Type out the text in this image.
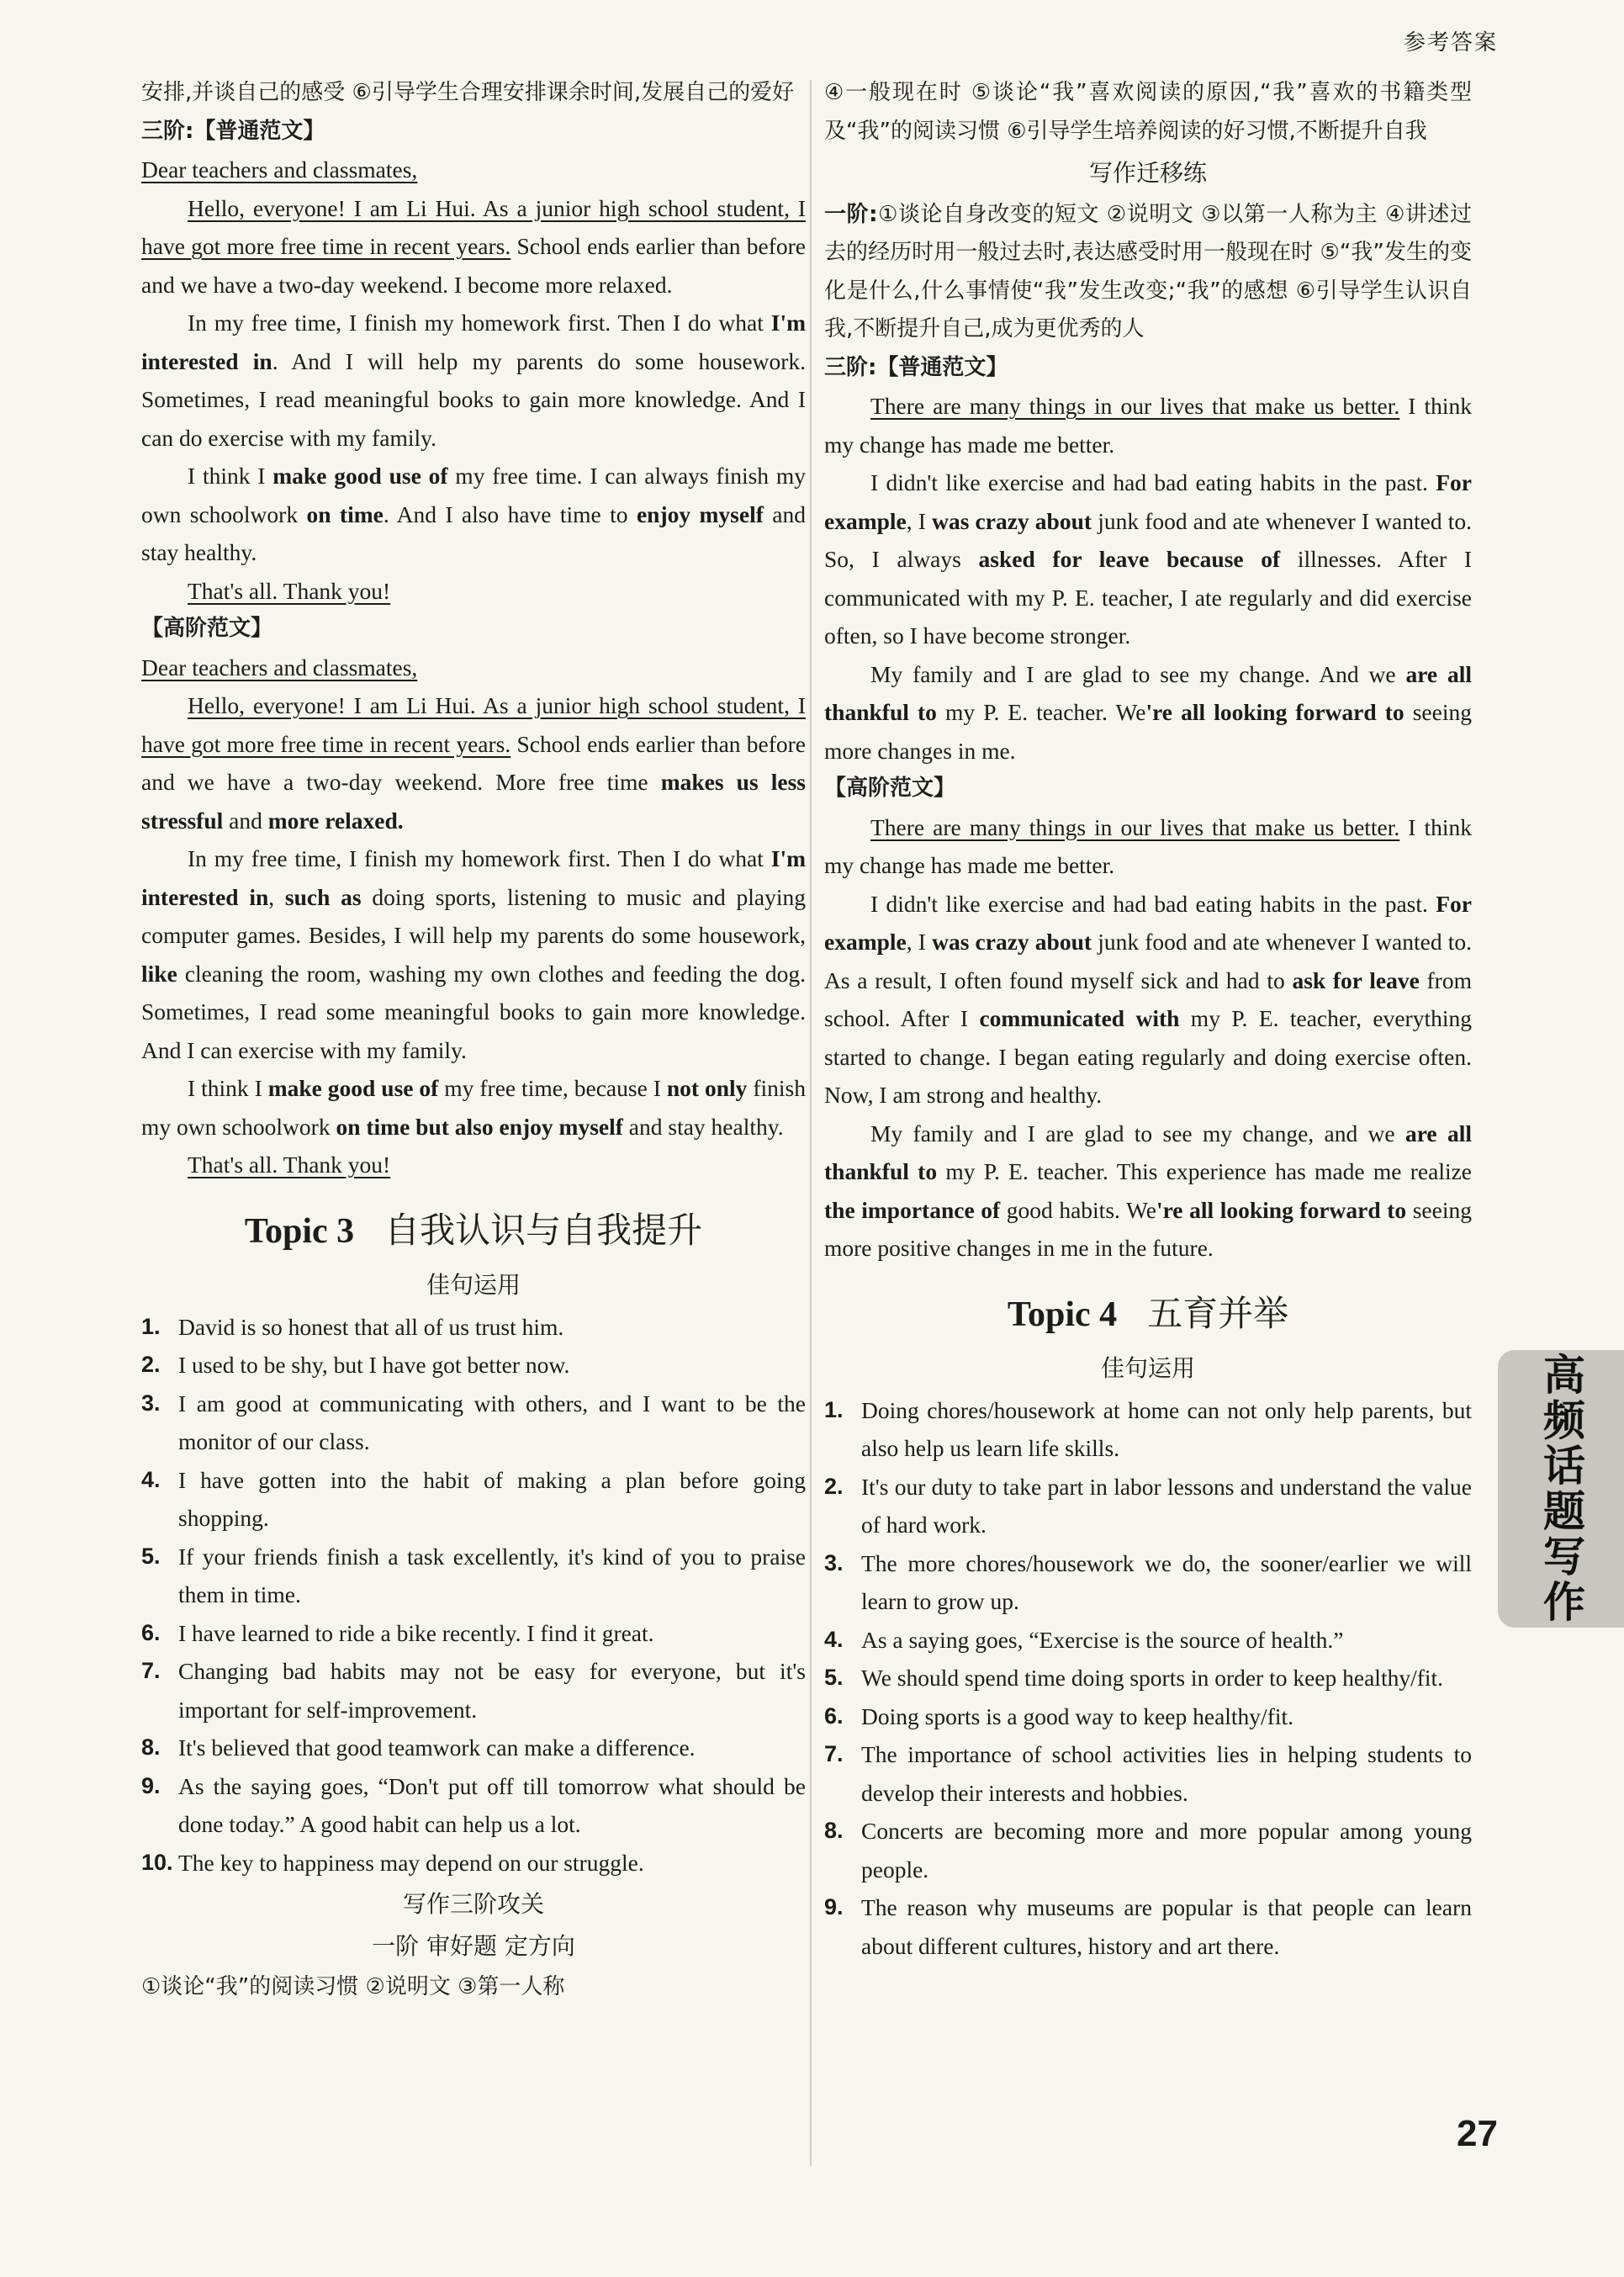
参考答案
高频话题写作
27

安排,并谈自己的感受 ⑥引导学生合理安排课余时间,发展自己的爱好

三阶:【普通范文】

Dear teachers and classmates,

Hello, everyone! I am Li Hui. As a junior high school student, I have got more free time in recent years. School ends earlier than before and we have a two-day weekend. I become more relaxed.

In my free time, I finish my homework first. Then I do what I'm interested in. And I will help my parents do some housework. Sometimes, I read meaningful books to gain more knowledge. And I can do exercise with my family.

I think I make good use of my free time. I can always finish my own schoolwork on time. And I also have time to enjoy myself and stay healthy.

That's all. Thank you!

【高阶范文】

Dear teachers and classmates,

Hello, everyone! I am Li Hui. As a junior high school student, I have got more free time in recent years. School ends earlier than before and we have a two-day weekend. More free time makes us less stressful and more relaxed.

In my free time, I finish my homework first. Then I do what I'm interested in, such as doing sports, listening to music and playing computer games. Besides, I will help my parents do some housework, like cleaning the room, washing my own clothes and feeding the dog. Sometimes, I read some meaningful books to gain more knowledge. And I can exercise with my family.

I think I make good use of my free time, because I not only finish my own schoolwork on time but also enjoy myself and stay healthy.

That's all. Thank you!

Topic 3 自我认识与自我提升
佳句运用
1. David is so honest that all of us trust him.
2. I used to be shy, but I have got better now.
3. I am good at communicating with others, and I want to be the monitor of our class.
4. I have gotten into the habit of making a plan before going shopping.
5. If your friends finish a task excellently, it's kind of you to praise them in time.
6. I have learned to ride a bike recently. I find it great.
7. Changing bad habits may not be easy for everyone, but it's important for self-improvement.
8. It's believed that good teamwork can make a difference.
9. As the saying goes, “Don't put off till tomorrow what should be done today.” A good habit can help us a lot.
10. The key to happiness may depend on our struggle.
写作三阶攻关
一阶 审好题 定方向

①谈论“我”的阅读习惯 ②说明文 ③第一人称

④一般现在时 ⑤谈论“我”喜欢阅读的原因,“我”喜欢的书籍类型及“我”的阅读习惯 ⑥引导学生培养阅读的好习惯,不断提升自我

写作迁移练

一阶:①谈论自身改变的短文 ②说明文 ③以第一人称为主 ④讲述过去的经历时用一般过去时,表达感受时用一般现在时 ⑤“我”发生的变化是什么,什么事情使“我”发生改变;“我”的感想 ⑥引导学生认识自我,不断提升自己,成为更优秀的人

三阶:【普通范文】

There are many things in our lives that make us better. I think my change has made me better.

I didn't like exercise and had bad eating habits in the past. For example, I was crazy about junk food and ate whenever I wanted to. So, I always asked for leave because of illnesses. After I communicated with my P. E. teacher, I ate regularly and did exercise often, so I have become stronger.

My family and I are glad to see my change. And we are all thankful to my P. E. teacher. We're all looking forward to seeing more changes in me.

【高阶范文】

There are many things in our lives that make us better. I think my change has made me better.

I didn't like exercise and had bad eating habits in the past. For example, I was crazy about junk food and ate whenever I wanted to. As a result, I often found myself sick and had to ask for leave from school. After I communicated with my P. E. teacher, everything started to change. I began eating regularly and doing exercise often. Now, I am strong and healthy.

My family and I are glad to see my change, and we are all thankful to my P. E. teacher. This experience has made me realize the importance of good habits. We're all looking forward to seeing more positive changes in me in the future.

Topic 4 五育并举
佳句运用
1. Doing chores/housework at home can not only help parents, but also help us learn life skills.
2. It's our duty to take part in labor lessons and understand the value of hard work.
3. The more chores/housework we do, the sooner/earlier we will learn to grow up.
4. As a saying goes, “Exercise is the source of health.”
5. We should spend time doing sports in order to keep healthy/fit.
6. Doing sports is a good way to keep healthy/fit.
7. The importance of school activities lies in helping students to develop their interests and hobbies.
8. Concerts are becoming more and more popular among young people.
9. The reason why museums are popular is that people can learn about different cultures, history and art there.
